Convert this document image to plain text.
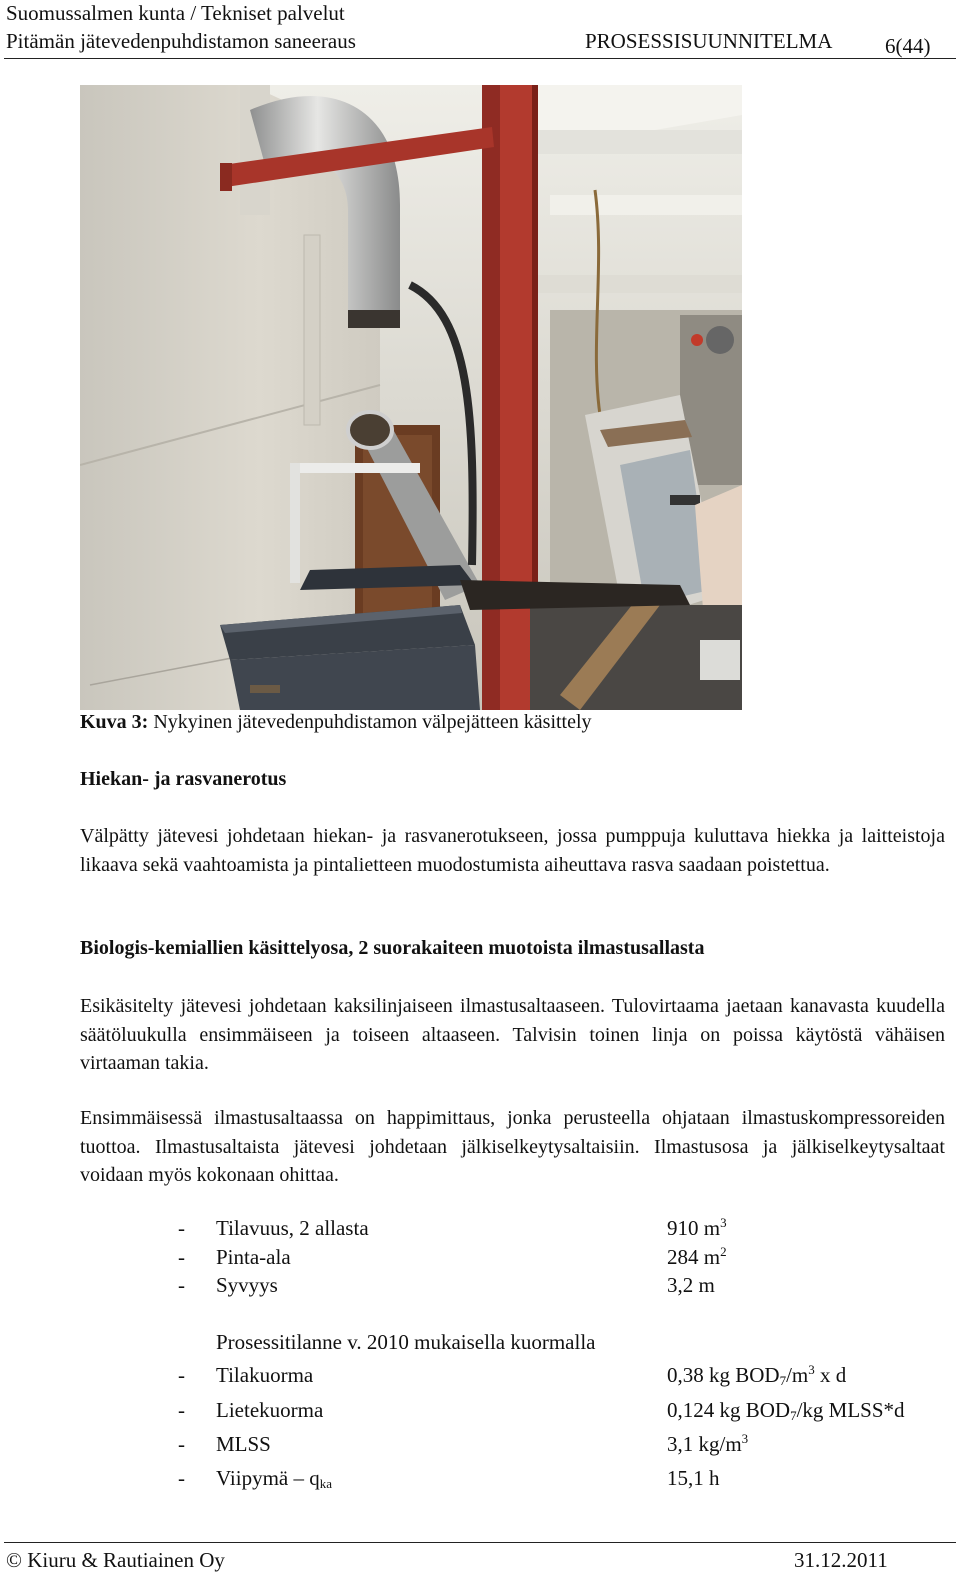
Suomussalmen kunta / Tekniset palvelut
Pitämän jätevedenpuhdistamon saneeraus	PROSESSISUUNNITELMA	6(44)
Kuva 3: Nykyinen jätevedenpuhdistamon välpejätteen käsittely
Hiekan- ja rasvanerotus
Välpätty jätevesi johdetaan hiekan- ja rasvanerotukseen, jossa pumppuja kuluttava hiekka ja laitteistoja likaava sekä vaahtoamista ja pintalietteen muodostumista aiheuttava rasva saadaan poistettua.
Biologis-kemiallien käsittelyosa, 2 suorakaiteen muotoista ilmastusallasta
Esikäsitelty jätevesi johdetaan kaksilinjaiseen ilmastusaltaaseen. Tulovirtaama jaetaan kanavasta kuudella säätöluukulla ensimmäiseen ja toiseen altaaseen. Talvisin toinen linja on poissa käytöstä vähäisen virtaaman takia.
Ensimmäisessä ilmastusaltaassa on happimittaus, jonka perusteella ohjataan ilmastuskompressoreiden tuottoa. Ilmastusaltaista jätevesi johdetaan jälkiselkeytysaltaisiin. Ilmastusosa ja jälkiselkeytysaltaat voidaan myös kokonaan ohittaa.
- Tilavuus, 2 allasta	910 $m^3$
- Pinta-ala	284 $m^2$
- Syvyys	3,2 m
Prosessitilanne v. 2010 mukaisella kuormalla
- Tilakuorma	0,38 kg $BOD_7/m^3$ x d
- Lietekuorma	0,124 kg $BOD_7/kg$ MLSS*d
- MLSS	3,1 $kg/m^3$
- Viipymä – $q_{ka}$	15,1 h
© Kiuru & Rautiainen Oy	31.12.2011
